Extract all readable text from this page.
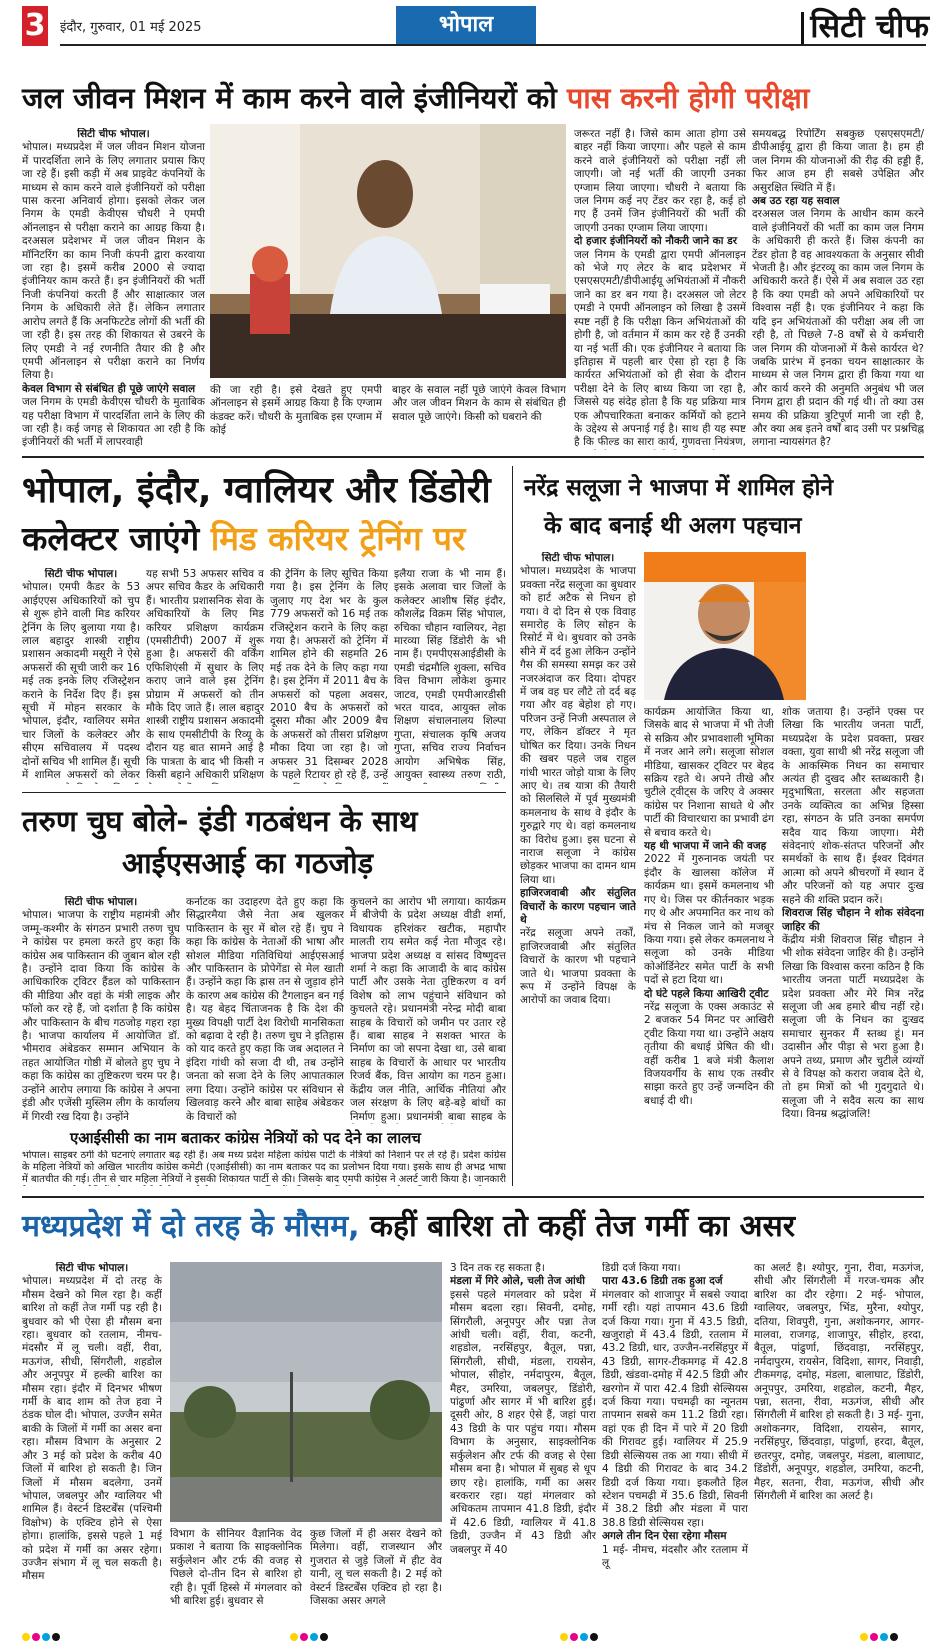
3 इंदौर, गुरुवार, 01 मई 2025	भोपाल	सिटी चीफ
जल जीवन मिशन में काम करने वाले इंजीनियरों को पास करनी होगी परीक्षा
सिटी चीफ भोपाल।
भोपाल। मध्यप्रदेश में जल जीवन मिशन योजना में पारदर्शिता लाने के लिए लगातार प्रयास किए जा रहे हैं। इसी कड़ी में अब प्राइवेट कंपनियों के माध्यम से काम करने वाले इंजीनियरों को परीक्षा पास करना अनिवार्य होगा। इसको लेकर जल निगम के एमडी केवीएस चौधरी ने एमपी ऑनलाइन से परीक्षा कराने का आग्रह किया है। दरअसल प्रदेशभर में जल जीवन मिशन के मॉनिटरिंग का काम निजी कंपनी द्वारा करवाया जा रहा है। इसमें करीब 2000 से ज्यादा इंजीनियर काम करते हैं। इन इंजीनियरों की भर्ती निजी कंपनियां करती हैं और साक्षात्कार जल निगम के अधिकारी लेते हैं। लेकिन लगातार आरोप लगते हैं कि अनफिटटेड लोगों की भर्ती की जा रही है। इस तरह की शिकायत से उबरने के लिए एमडी ने नई रणनीति तैयार की है और एमपी ऑनलाइन से परीक्षा कराने का निर्णय लिया है।
केवल विभाग से संबंधित ही पूछे जाएंगे सवाल
जल निगम के एमडी केवीएस चौधरी के मुताबिक यह परीक्षा विभाग में पारदर्शिता लाने के लिए की जा रही है। कई जगह से शिकायत आ रही है कि इंजीनियरों की भर्ती में लापरवाही
की जा रही है। इसे देखते हुए एमपी ऑनलाइन से इसमें आग्रह किया है कि एग्जाम कंडक्ट करें। चौधरी के मुताबिक इस एग्जाम में कोई
बाहर के सवाल नहीं पूछे जाएंगे केवल विभाग और जल जीवन मिशन के काम से संबंधित ही सवाल पूछे जाएंगे। किसी को घबराने की
जरूरत नहीं है। जिसे काम आता होगा उसे बाहर नहीं किया जाएगा। और पहले से काम करने वाले इंजीनियरों को परीक्षा नहीं ली जाएगी। जो नई भर्ती की जाएगी उनका एग्जाम लिया जाएगा। चौधरी ने बताया कि जल निगम कई नए टेंडर कर रहा है, कई हो गए हैं उनमें जिन इंजीनियरों की भर्ती की जाएगी उनका एग्जाम लिया जाएगा।
दो हजार इंजीनियरों को नौकरी जाने का डर
जल निगम के एमडी द्वारा एमपी ऑनलाइन को भेजे गए लेटर के बाद प्रदेशभर में एसएसएमटी/डीपीआईयू अभियंताओं में नौकरी जाने का डर बन गया है। दरअसल जो लेटर एमडी ने एमपी ऑनलाइन को लिखा है उसमें स्पष्ट नहीं है कि परीक्षा किन अभियंताओं की होगी है, जो वर्तमान में काम कर रहे हैं उनकी या नई भर्ती की। एक इंजीनियर ने बताया कि इतिहास में पहली बार ऐसा हो रहा है कि कार्यरत अभियंताओं को ही सेवा के दौरान परीक्षा देने के लिए बाध्य किया जा रहा है, जिससे यह संदेह होता है कि यह प्रक्रिया मात्र एक औपचारिकता बनाकर कर्मियों को हटाने के उद्देश्य से अपनाई गई है। साथ ही यह स्पष्ट है कि फील्ड का सारा कार्य, गुणवत्ता नियंत्रण,
समयबद्ध रिपोर्टिंग सबकुछ एसएसएमटी/डीपीआईयू द्वारा ही किया जाता है। हम ही जल निगम की योजनाओं की रीढ़ की हड्डी हैं, फिर आज हम ही सबसे उपेक्षित और असुरक्षित स्थिति में हैं।
अब उठ रहा यह सवाल
दरअसल जल निगम के आधीन काम करने वाले इंजीनियरों की भर्ती का काम जल निगम के अधिकारी ही करते हैं। जिस कंपनी का टेंडर होता है वह आवश्यकता के अनुसार सीवी भेजती है। और इंटरव्यू का काम जल निगम के अधिकारी करते हैं। ऐसे में अब सवाल उठ रहा है कि क्या एमडी को अपने अधिकारियों पर विश्वास नहीं है। एक इंजीनियर ने कहा कि यदि इन अभियंताओं की परीक्षा अब ली जा रही है, तो पिछले 7-8 वर्षों से ये कर्मचारी जल निगम की योजनाओं में कैसे कार्यरत थे? जबकि प्रारंभ में इनका चयन साक्षात्कार के माध्यम से जल निगम द्वारा ही किया गया था और कार्य करने की अनुमति अनुबंध भी जल निगम द्वारा ही प्रदान की गई थी। तो क्या उस समय की प्रक्रिया त्रुटिपूर्ण मानी जा रही है, और क्या अब इतने वर्षों बाद उसी पर प्रश्नचिह्न लगाना न्यायसंगत है?
भोपाल, इंदौर, ग्वालियर और डिंडोरी
कलेक्टर जाएंगे मिड करियर ट्रेनिंग पर
सिटी चीफ भोपाल।
भोपाल। एमपी कैडर के 53 आईएएस अधिकारियों को चुप से शुरू होने वाली मिड करियर ट्रेनिंग के लिए बुलाया गया है। लाल बहादुर शास्त्री राष्ट्रीय प्रशासन अकादमी मसूरी ने ऐसे अफसरों की सूची जारी कर 16 मई तक इनके लिए रजिस्ट्रेशन कराने के निर्देश दिए हैं। इस सूची में मोहन सरकार के भोपाल, इंदौर, ग्वालियर समेत चार जिलों के कलेक्टर और सीएम सचिवालय में पदस्थ दोनों सचिव भी शामिल हैं। सूची में शामिल अफसरों को लेकर
यह सभी 53 अफसर सचिव व अपर सचिव कैडर के अधिकारी हैं। भारतीय प्रशासनिक सेवा के अधिकारियों के लिए मिड करियर प्रशिक्षण कार्यक्रम (एमसीटीपी) 2007 में शुरू हुआ है। अफसरों की वर्किंग एफिशिएंसी में सुधार के लिए कराए जाने वाले इस ट्रेनिंग प्रोग्राम में अफसरों को तीन मौके दिए जाते हैं। लाल बहादुर शास्त्री राष्ट्रीय प्रशासन अकादमी के साथ एमसीटीपी के रिव्यू के दौरान यह बात सामने आई है कि पात्रता के बाद भी किसी न किसी बहाने अधिकारी प्रशिक्षण
की ट्रेनिंग के लिए सूचित किया गया है। इस ट्रेनिंग के लिए जुलाए गए देश भर के कुल 779 अफसरों को 16 मई तक रजिस्ट्रेशन कराने के लिए कहा गया है। अफसरों को ट्रेनिंग में शामिल होने की सहमति 26 मई तक देने के लिए कहा गया है। इस ट्रेनिंग में 2011 बैच के अफसरों को पहला अवसर, 2010 बैच के अफसरों को दूसरा मौका और 2009 बैच के अफसरों को तीसरा प्रशिक्षण मौका दिया जा रहा है। जो अफसर 31 दिसम्बर 2028 के पहले रिटायर हो रहे हैं, उन्हें
इलैया राजा के भी नाम हैं। इसके अलावा चार जिलों के कलेक्टर आशीष सिंह इंदौर, कौशलेंद्र विक्रम सिंह भोपाल, रुचिका चौहान ग्वालियर, नेहा मारव्या सिंह डिंडोरी के भी नाम हैं। एमपीएसआईडीसी के एमडी चंद्रमौलि शुक्ला, सचिव वित्त विभाग लोकेश कुमार जाटव, एमडी एमपीआरडीसी भरत यादव, आयुक्त लोक शिक्षण संचालनालय शिल्पा गुप्ता, संचालक कृषि अजय गुप्ता, सचिव राज्य निर्वाचन आयोग अभिषेक सिंह, आयुक्त स्वास्थ्य तरुण राठी,
नरेंद्र सलूजा ने भाजपा में शामिल होने
के बाद बनाई थी अलग पहचान
सिटी चीफ भोपाल।
भोपाल। मध्यप्रदेश के भाजपा प्रवक्ता नरेंद्र सलूजा का बुधवार को हार्ट अटैक से निधन हो गया। वे दो दिन से एक विवाह समारोह के लिए सोहन के रिसोर्ट में थे। बुधवार को उनके सीने में दर्द हुआ लेकिन उन्होंने गैस की समस्या समझ कर उसे नजरअंदाज कर दिया। दोपहर में जब वह घर लौटे तो दर्द बढ़ गया और वह बेहोश हो गए। परिजन उन्हें निजी अस्पताल ले गए, लेकिन डॉक्टर ने मृत घोषित कर दिया। उनके निधन की खबर पहले जब राहुल गांधी भारत जोड़ो यात्रा के लिए आए थे। तब यात्रा की तैयारी को सिलसिले में पूर्व मुख्यमंत्री कमलनाथ के साथ वे इंदौर के गुरुद्वारे गए थे। वहां कमलनाथ का विरोध हुआ। इस घटना से नाराज सलूजा ने कांग्रेस छोड़कर भाजपा का दामन थाम लिया था।
हाजिरजवाबी और संतुलित विचारों के कारण पहचान जाते थे
नरेंद्र सलूजा अपने तर्कों, हाजिरजवाबी और संतुलित विचारों के कारण भी पहचाने जाते थे। भाजपा प्रवक्ता के रूप में उन्होंने विपक्ष के आरोपों का जवाब दिया।
कार्यक्रम आयोजित किया था, जिसके बाद से भाजपा में भी तेजी से सक्रिय और प्रभावशाली भूमिका में नजर आने लगे। सलूजा सोशल मीडिया, खासकर ट्विटर पर बेहद सक्रिय रहते थे। अपने तीखे और चुटीले ट्वीट्स के जरिए वे अक्सर कांग्रेस पर निशाना साधते थे और पार्टी की विचारधारा का प्रभावी ढंग से बचाव करते थे।
यह थी भाजपा में जाने की वजह
2022 में गुरुनानक जयंती पर इंदौर के खालसा कॉलेज में कार्यक्रम था। इसमें कमलनाथ भी गए थे। जिस पर कीर्तनकार भड़क गए थे और अपमानित कर नाथ को मंच से निकल जाने को मजबूर किया गया। इसे लेकर कमलनाथ ने सलूजा को उनके मीडिया कोऑर्डिनेटर समेत पार्टी के सभी पदों से हटा दिया था।
दो घंटे पहले किया आखिरी ट्वीट
नरेंद्र सलूजा के एक्स अकाउंट से 2 बजकर 54 मिनट पर आखिरी ट्वीट किया गया था। उन्होंने अक्षय तृतीया की बधाई प्रेषित की थी। वहीं करीब 1 बजे मंत्री कैलाश विजयवर्गीय के साथ एक तस्वीर साझा करते हुए उन्हें जन्मदिन की बधाई दी थी।
शोक जताया है। उन्होंने एक्स पर लिखा कि भारतीय जनता पार्टी, मध्यप्रदेश के प्रदेश प्रवक्ता, प्रखर वक्ता, युवा साथी श्री नरेंद्र सलूजा जी के आकस्मिक निधन का समाचार अत्यंत ही दुखद और स्तब्धकारी है। मृदुभाषिता, सरलता और सहजता उनके व्यक्तित्व का अभिन्न हिस्सा रहा, संगठन के प्रति उनका समर्पण सदैव याद किया जाएगा। मेरी संवेदनाएं शोक-संतप्त परिजनों और समर्थकों के साथ हैं। ईश्वर दिवंगत आत्मा को अपने श्रीचरणों में स्थान दें और परिजनों को यह अपार दुःख सहने की शक्ति प्रदान करें।
शिवराज सिंह चौहान ने शोक संवेदना जाहिर की
केंद्रीय मंत्री शिवराज सिंह चौहान ने भी शोक संवेदना जाहिर की है। उन्होंने लिखा कि विश्वास करना कठिन है कि भारतीय जनता पार्टी मध्यप्रदेश के प्रदेश प्रवक्ता और मेरे मित्र नरेंद्र सलूजा जी अब हमारे बीच नहीं रहे। सलूजा जी के निधन का दुःखद समाचार सुनकर मैं स्तब्ध हूं। मन उदासीन और पीड़ा से भरा हुआ है। अपने तथ्य, प्रमाण और चुटीले व्यंग्यों से वे विपक्ष को करारा जवाब देते थे, तो हम मित्रों को भी गुदगुदाते थे। सलूजा जी ने सदैव सत्य का साथ दिया। विनम्र श्रद्धांजलि!
तरुण चुघ बोले- इंडी गठबंधन के साथ
आईएसआई का गठजोड़
सिटी चीफ भोपाल।
भोपाल। भाजपा के राष्ट्रीय महामंत्री और जम्मू-कश्मीर के संगठन प्रभारी तरुण चुघ ने कांग्रेस पर हमला करते हुए कहा कि कांग्रेस अब पाकिस्तान की जुबान बोल रही है। उन्होंने दावा किया कि कांग्रेस के आधिकारिक ट्विटर हैंडल को पाकिस्तान की मीडिया और वहां के मंत्री लाइक और फॉलो कर रहे हैं, जो दर्शाता है कि कांग्रेस और पाकिस्तान के बीच गठजोड़ गहरा रहा है। भाजपा कार्यालय में आयोजित डॉ. भीमराव अंबेडकर सम्मान अभियान के तहत आयोजित गोष्ठी में बोलते हुए चुघ ने कहा कि कांग्रेस का तुष्टिकरण चरम पर है। उन्होंने आरोप लगाया कि कांग्रेस ने अपना इंडी और एजेंसी मुस्लिम लीग के कार्यालय में गिरवी रख दिया है। उन्होंने
कर्नाटक का उदाहरण देते हुए कहा कि सिद्धारमैया जैसे नेता अब खुलकर पाकिस्तान के सुर में बोल रहे हैं। चुघ ने कहा कि कांग्रेस के नेताओं की भाषा और सोशल मीडिया गतिविधियां आईएसआई और पाकिस्तान के प्रोपेगेंडा से मेल खाती हैं। उन्होंने कहा कि ह्रास तन से जुड़ाव होने के कारण अब कांग्रेस की टैगलाइन बन गई है। यह बेहद चिंताजनक है कि देश की मुख्य विपक्षी पार्टी देश विरोधी मानसिकता को बढ़ावा दे रही है। तरुण चुघ ने इतिहास को याद करते हुए कहा कि जब अदालत ने इंदिरा गांधी को सजा दी थी, तब उन्होंने जनता को सजा देने के लिए आपातकाल लगा दिया। उन्होंने कांग्रेस पर संविधान से खिलवाड़ करने और बाबा साहेब अंबेडकर के विचारों को
कुचलने का आरोप भी लगाया। कार्यक्रम में बीजेपी के प्रदेश अध्यक्ष वीडी शर्मा, विधायक हरिशंकर खटीक, महापौर मालती राय समेत कई नेता मौजूद रहे। भाजपा प्रदेश अध्यक्ष व सांसद विष्णुदत्त शर्मा ने कहा कि आजादी के बाद कांग्रेस पार्टी और उसके नेता तुष्टिकरण व वर्ग विशेष को लाभ पहुंचाने संविधान को कुचलते रहे। प्रधानमंत्री नरेन्द्र मोदी बाबा साहब के विचारों को जमीन पर उतार रहे हैं। बाबा साहब ने सशक्त भारत के निर्माण का जो सपना देखा था, उसे बाबा साहब के विचारों के आधार पर भारतीय रिजर्व बैंक, वित्त आयोग का गठन हुआ। केंद्रीय जल नीति, आर्थिक नीतियां और जल संरक्षण के लिए बड़े-बड़े बांधों का निर्माण हुआ। प्रधानमंत्री बाबा साहब के
एआईसीसी का नाम बताकर कांग्रेस नेत्रियों को पद देने का लालच
भोपाल। साइबर ठगी की घटनाएं लगातार बढ़ रही हैं। अब मध्य प्रदेश महिला कांग्रेस पार्टी के नेत्रियों को निशाने पर ले रहे हैं। प्रदेश कांग्रेस के महिला नेत्रियों को अखिल भारतीय कांग्रेस कमेटी (एआईसीसी) का नाम बताकर पद का प्रलोभन दिया गया। इसके साथ ही अभद्र भाषा में बातचीत की गई। तीन से चार महिला नेत्रियों ने इसकी शिकायत पार्टी से की। जिसके बाद एमपी कांग्रेस ने अलर्ट जारी किया है। जानकारी
मध्यप्रदेश में दो तरह के मौसम, कहीं बारिश तो कहीं तेज गर्मी का असर
सिटी चीफ भोपाल।
भोपाल। मध्यप्रदेश में दो तरह के मौसम देखने को मिल रहा है। कहीं बारिश तो कहीं तेज गर्मी पड़ रही है। बुधवार को भी ऐसा ही मौसम बना रहा। बुधवार को रतलाम, नीमच-मंदसौर में लू चली। वहीं, रीवा, मऊगंज, सीधी, सिंगरौली, शहडोल और अनूपपुर में हल्की बारिश का मौसम रहा। इंदौर में दिनभर भीषण गर्मी के बाद शाम को तेज हवा ने ठंडक घोल दी। भोपाल, उज्जैन समेत बाकी के जिलों में गर्मी का असर बना रहा। मौसम विभाग के अनुसार 2 और 3 मई को प्रदेश के करीब 40 जिलों में बारिश हो सकती है। जिन जिलों में मौसम बदलेगा, उनमें भोपाल, जबलपुर और ग्वालियर भी शामिल हैं। वेस्टर्न डिस्टर्बेंस (पश्चिमी विक्षोभ) के एक्टिव होने से ऐसा होगा। हालांकि, इससे पहले 1 मई को प्रदेश में गर्मी का असर रहेगा। उज्जैन संभाग में लू चल सकती है। मौसम
विभाग के सीनियर वैज्ञानिक वेद प्रकाश ने बताया कि साइक्लोनिक सर्कुलेशन और टर्फ की वजह से पिछले दो-तीन दिन से बारिश हो रही है। पूर्वी हिस्से में मंगलवार को भी बारिश हुई। बुधवार से
कुछ जिलों में ही असर देखने को मिलेगा। वहीं, राजस्थान और गुजरात से जुड़े जिलों में हीट वेव यानी, लू चल सकती है। 2 मई को वेस्टर्न डिस्टर्बेंस एक्टिव हो रहा है। जिसका असर अगले
3 दिन तक रह सकता है।
मंडला में गिरे ओले, चली तेज आंधी
इससे पहले मंगलवार को प्रदेश में मौसम बदला रहा। सिवनी, दमोह, सिंगरौली, अनूपपुर और पन्ना तेज आंधी चली। वहीं, रीवा, कटनी, शहडोल, नरसिंहपुर, बैतूल, पन्ना, सिंगरौली, सीधी, मंडला, रायसेन, भोपाल, सीहोर, नर्मदापुरम, बैतूल, मैहर, उमरिया, जबलपुर, डिंडोरी, पांढुर्णा और सागर में भी बारिश हुई। दूसरी ओर, 8 शहर ऐसे हैं, जहां पारा 43 डिग्री के पार पहुंच गया। मौसम विभाग के अनुसार, साइक्लोनिक सर्कुलेशन और टर्फ की वजह से ऐसा मौसम बना है। भोपाल में सुबह से धूप छाए रहे। हालांकि, गर्मी का असर बरकरार रहा। यहां मंगलवार को अधिकतम तापमान 41.8 डिग्री, इंदौर में 42.6 डिग्री, ग्वालियर में 41.8 डिग्री, उज्जैन में 43 डिग्री और जबलपुर में 40
डिग्री दर्ज किया गया।
पारा 43.6 डिग्री तक हुआ दर्ज
मंगलवार को शाजापुर में सबसे ज्यादा गर्मी रही। यहां तापमान 43.6 डिग्री दर्ज किया गया। गुना में 43.5 डिग्री, खजुराहो में 43.4 डिग्री, रतलाम में 43.2 डिग्री, धार, उज्जैन-नरसिंहपुर में 43 डिग्री, सागर-टीकमगढ़ में 42.8 डिग्री, खंडवा-दमोह में 42.5 डिग्री और खरगोन में पारा 42.4 डिग्री सेल्सियस दर्ज किया गया। पचमढ़ी का न्यूनतम तापमान सबसे कम 11.2 डिग्री रहा। वहां एक ही दिन में पारे में 20 डिग्री की गिरावट हुई। ग्वालियर में 25.9 डिग्री सेल्सियस तक आ गया। सीधी में 4 डिग्री की गिरावट के बाद 34.2 डिग्री दर्ज किया गया। इकलौते हिल स्टेशन पचमढ़ी में 35.6 डिग्री, सिवनी में 38.2 डिग्री और मंडला में पारा 38.8 डिग्री सेल्सियस रहा।
अगले तीन दिन ऐसा रहेगा मौसम
1 मई- नीमच, मंदसौर और रतलाम में लू
का अलर्ट है। श्योपुर, गुना, रीवा, मऊगंज, सीधी और सिंगरौली में गरज-चमक और बारिश का दौर रहेगा। 2 मई- भोपाल, ग्वालियर, जबलपुर, भिंड, मुरैना, श्योपुर, दतिया, शिवपुरी, गुना, अशोकनगर, आगर-मालवा, राजगढ़, शाजापुर, सीहोर, हरदा, बैतूल, पांढुर्णा, छिंदवाड़ा, नरसिंहपुर, नर्मदापुरम, रायसेन, विदिशा, सागर, निवाड़ी, टीकमगढ़, दमोह, मंडला, बालाघाट, डिंडोरी, अनूपपुर, उमरिया, शहडोल, कटनी, मैहर, पन्ना, सतना, रीवा, मऊगंज, सीधी और सिंगरौली में बारिश हो सकती है। 3 मई- गुना, अशोकनगर, विदिशा, रायसेन, सागर, नरसिंहपुर, छिंदवाड़ा, पांढुर्णा, हरदा, बैतूल, छतरपुर, दमोह, जबलपुर, मंडला, बालाघाट, डिंडोरी, अनूपपुर, शहडोल, उमरिया, कटनी, मैहर, सतना, रीवा, मऊगंज, सीधी और सिंगरौली में बारिश का अलर्ट है।
